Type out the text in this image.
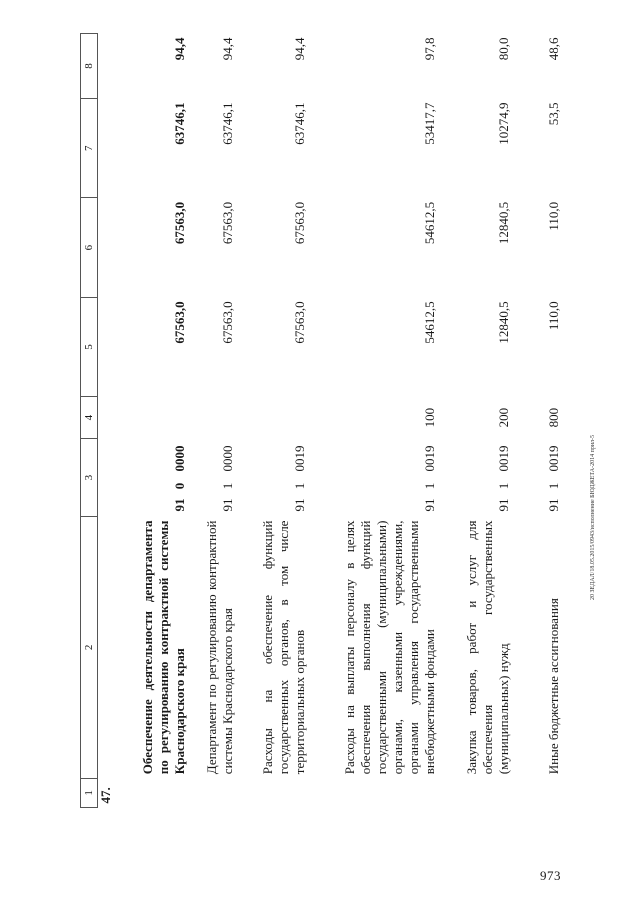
1	2	3			4	5	6	7	8
47.	Обеспечение деятельности департамента по регулированию контрактной системы Краснодарского края	91	0	0000		67563,0	67563,0	63746,1	94,4
	Департамент по регулированию контрактной системы Краснодарского края	91	1	0000		67563,0	67563,0	63746,1	94,4
	Расходы на обеспечение функций государственных органов, в том числе территориальных органов	91	1	0019		67563,0	67563,0	63746,1	94,4
	Расходы на выплаты персоналу в целях обеспечения выполнения функций государственными (муниципальными) органами, казенными учреждениями, органами управления государственными внебюджетными фондами	91	1	0019	100	54612,5	54612,5	53417,7	97,8
	Закупка товаров, работ и услуг для обеспечения государственных (муниципальных) нужд	91	1	0019	200	12840,5	12840,5	10274,9	80,0
	Иные бюджетные ассигнования	91	1	0019	800	110,0	110,0	53,5	48,6
20 ЗЕДАЛ/18.05.2015/0943/исполнение БЮДЖЕТА-2014 прил-5
973
